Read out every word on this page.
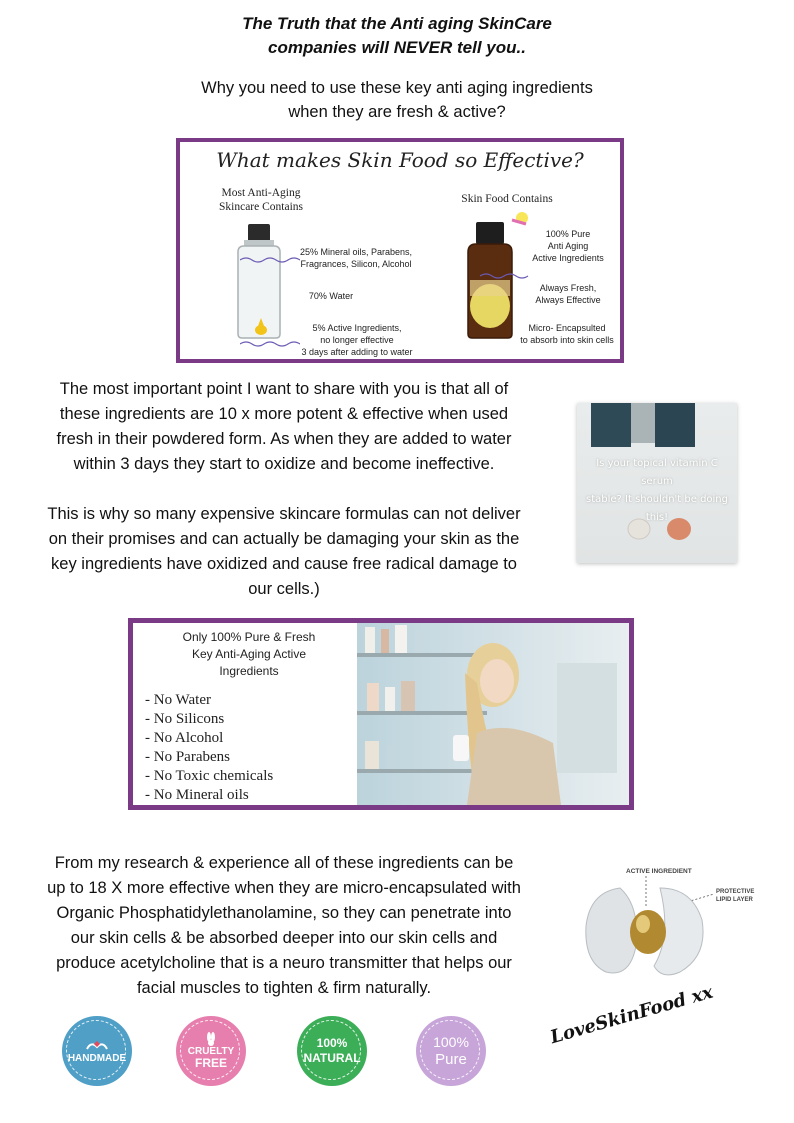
The Truth that the Anti aging SkinCare
companies will NEVER tell you..
Why you need to use these key anti aging ingredients
when they are fresh & active?
What makes Skin Food so Effective?
Most Anti-Aging
Skincare Contains
Skin Food Contains
25% Mineral oils, Parabens,
Fragrances, Silicon, Alcohol
70% Water
5% Active Ingredients,
no longer effective
3 days after adding to water
100% Pure
Anti Aging
Active Ingredients
Always Fresh,
Always Effective
Micro- Encapsulted
to absorb into skin cells
The most important point I want to share with you is that all of
these ingredients are 10 x more potent & effective when used
fresh in their powdered form. As when they are added to water
within 3 days they start to oxidize and become ineffective.
This is why so many expensive skincare formulas can not deliver
on their promises and can actually be damaging your skin as the
key ingredients have oxidized and cause free radical damage to
our cells.)
Is your topical vitamin C serum
stable? It shouldn't be doing
this!
Only 100% Pure & Fresh
Key Anti-Aging Active
Ingredients
- No Water
- No Silicons
- No Alcohol
- No Parabens
- No Toxic chemicals
- No Mineral oils
From my research & experience all of these ingredients can be
up to 18 X more effective when they are micro-encapsulated with
Organic Phosphatidylethanolamine, so they can penetrate into
our skin cells & be absorbed deeper into our skin cells and
produce acetylcholine that is a neuro transmitter that helps our
facial muscles to tighten & firm naturally.
ACTIVE INGREDIENT
PROTECTIVE
LIPID LAYER
HANDMADE
CRUELTY
FREE
100%
NATURAL
100%
Pure
LoveSkinFood xx
